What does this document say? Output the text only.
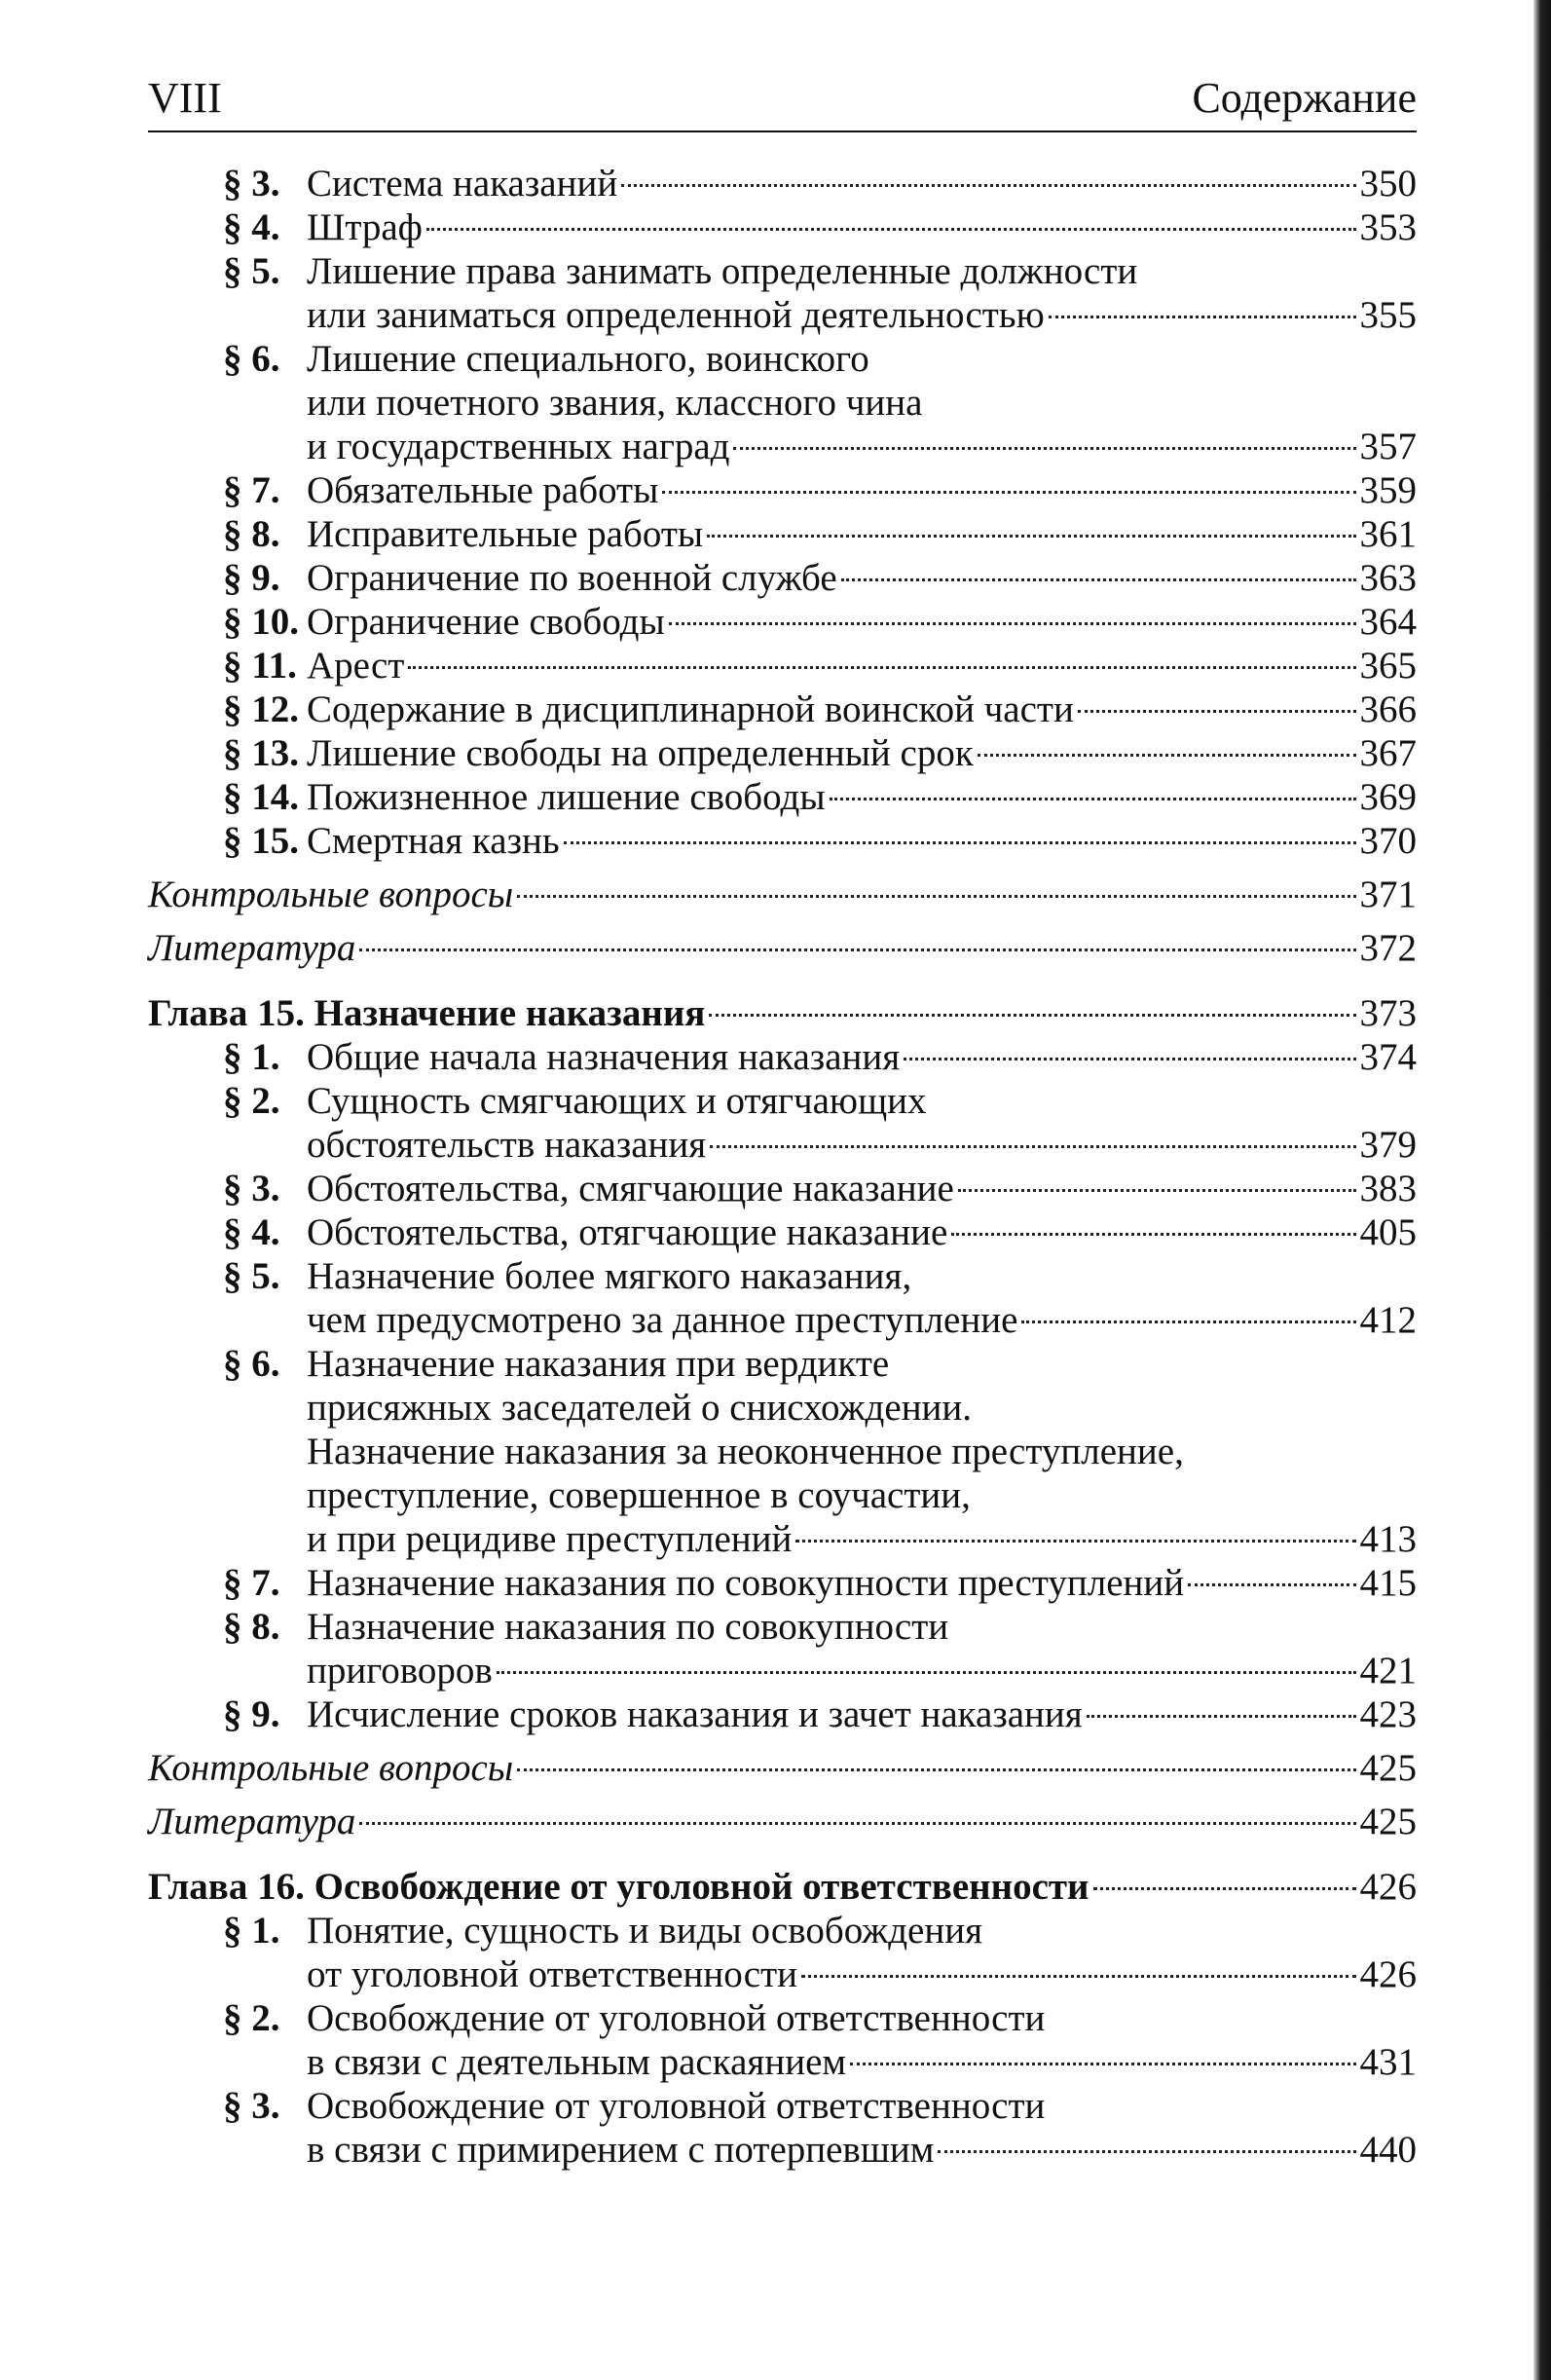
VIII	Содержание
§ 3. Система наказаний	350
§ 4. Штраф	353
§ 5. Лишение права занимать определенные должности
или заниматься определенной деятельностью	355
§ 6. Лишение специального, воинского
или почетного звания, классного чина
и государственных наград	357
§ 7. Обязательные работы	359
§ 8. Исправительные работы	361
§ 9. Ограничение по военной службе	363
§ 10. Ограничение свободы	364
§ 11. Арест	365
§ 12. Содержание в дисциплинарной воинской части	366
§ 13. Лишение свободы на определенный срок	367
§ 14. Пожизненное лишение свободы	369
§ 15. Смертная казнь	370
Контрольные вопросы	371
Литература	372
Глава 15. Назначение наказания	373
§ 1. Общие начала назначения наказания	374
§ 2. Сущность смягчающих и отягчающих
обстоятельств наказания	379
§ 3. Обстоятельства, смягчающие наказание	383
§ 4. Обстоятельства, отягчающие наказание	405
§ 5. Назначение более мягкого наказания,
чем предусмотрено за данное преступление	412
§ 6. Назначение наказания при вердикте
присяжных заседателей о снисхождении.
Назначение наказания за неоконченное преступление,
преступление, совершенное в соучастии,
и при рецидиве преступлений	413
§ 7. Назначение наказания по совокупности преступлений	415
§ 8. Назначение наказания по совокупности
приговоров	421
§ 9. Исчисление сроков наказания и зачет наказания	423
Контрольные вопросы	425
Литература	425
Глава 16. Освобождение от уголовной ответственности	426
§ 1. Понятие, сущность и виды освобождения
от уголовной ответственности	426
§ 2. Освобождение от уголовной ответственности
в связи с деятельным раскаянием	431
§ 3. Освобождение от уголовной ответственности
в связи с примирением с потерпевшим	440
